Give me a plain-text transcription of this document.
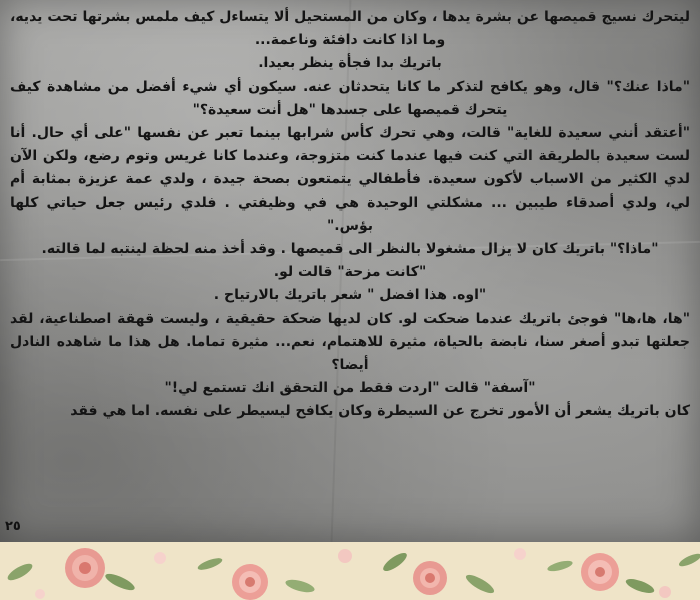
ليتحرك نسيج قميصها عن بشرة يدها ، وكان من المستحيل ألا يتساءل كيف ملمس بشرتها تحت يديه، وما اذا كانت دافئة وناعمة...

باتريك بدا فجأة ينظر بعيدا.

"ماذا عنك؟" قال، وهو يكافح لتذكر ما كانا يتحدثان عنه. سيكون أي شيء أفضل من مشاهدة كيف يتحرك قميصها على جسدها "هل أنت سعيدة؟"

"أعتقد أنني سعيدة للغاية" قالت، وهي تحرك كأس شرابها بينما تعبر عن نفسها "على أي حال. أنا لست سعيدة بالطريقة التي كنت فيها عندما كنت متزوجة، وعندما كانا غريس وتوم رضع، ولكن الآن لدي الكثير من الاسباب لأكون سعيدة. فأطفالي يتمتعون بصحة جيدة ، ولدي عمة عزيزة بمثابة أم لي، ولدي أصدقاء طيبين ... مشكلتي الوحيدة هي في وظيفتي . فلدي رئيس جعل حياتي كلها بؤس."

"ماذا؟" باتريك كان لا يزال مشغولا بالنظر الى قميصها . وقد أخذ منه لحظة لينتبه لما قالته.

"كانت مزحة" قالت لو.

"اوه. هذا افضل " شعر باتريك بالارتياح .

"ها، ها،ها" فوجئ باتريك عندما ضحكت لو. كان لديها ضحكة حقيقية ، وليست قهقة اصطناعية، لقد جعلتها تبدو أصغر سنا، نابضة بالحياة، مثيرة للاهتمام، نعم... مثيرة تماما. هل هذا ما شاهده النادل أيضا؟

"آسفة" قالت "اردت فقط من التحقق انك تستمع لي!"

كان باتريك يشعر أن الأمور تخرج عن السيطرة وكان يكافح ليسيطر على نفسه. اما هي فقد

٢٥
